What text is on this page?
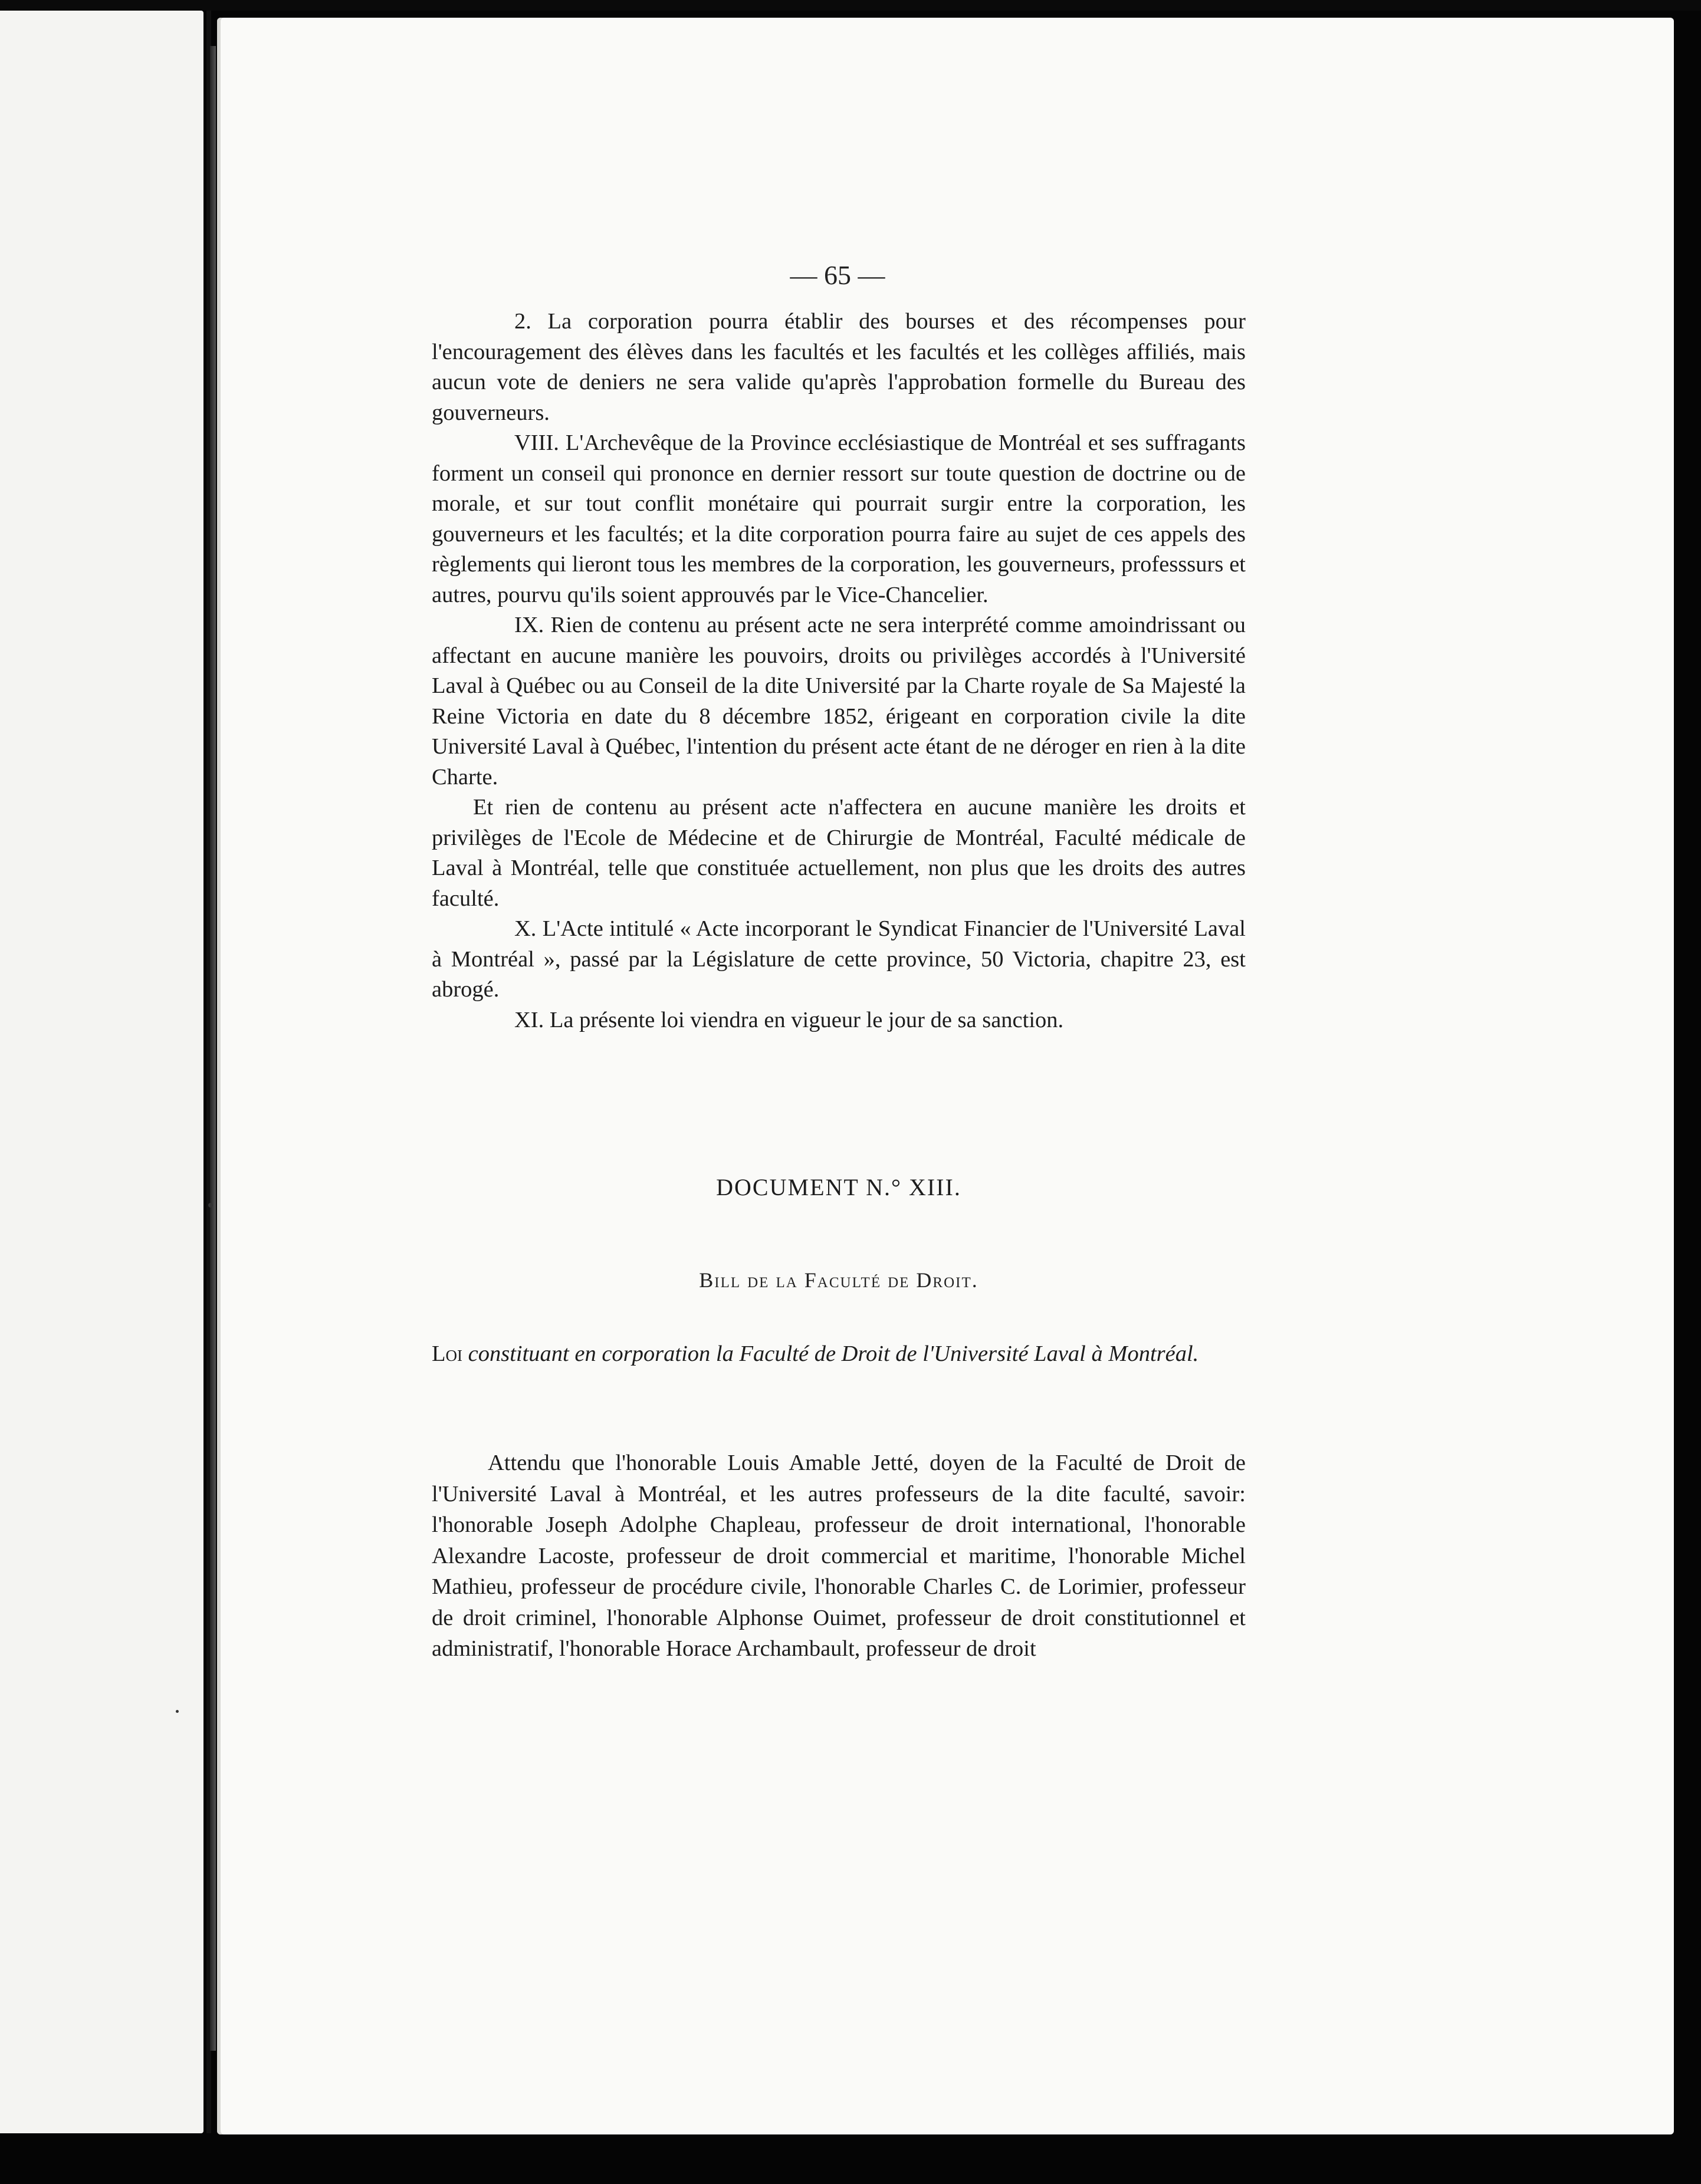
— 65 —

2. La corporation pourra établir des bourses et des récompenses pour l'encouragement des élèves dans les facultés et les facultés et les collèges affiliés, mais aucun vote de deniers ne sera valide qu'après l'approbation formelle du Bureau des gouverneurs.

VIII. L'Archevêque de la Province ecclésiastique de Montréal et ses suffragants forment un conseil qui prononce en dernier ressort sur toute question de doctrine ou de morale, et sur tout conflit monétaire qui pourrait surgir entre la corporation, les gouverneurs et les facultés; et la dite corporation pourra faire au sujet de ces appels des règlements qui lieront tous les membres de la corporation, les gouverneurs, professsurs et autres, pourvu qu'ils soient approuvés par le Vice-Chancelier.

IX. Rien de contenu au présent acte ne sera interprété comme amoindrissant ou affectant en aucune manière les pouvoirs, droits ou privilèges accordés à l'Université Laval à Québec ou au Conseil de la dite Université par la Charte royale de Sa Majesté la Reine Victoria en date du 8 décembre 1852, érigeant en corporation civile la dite Université Laval à Québec, l'intention du présent acte étant de ne déroger en rien à la dite Charte.

Et rien de contenu au présent acte n'affectera en aucune manière les droits et privilèges de l'Ecole de Médecine et de Chirurgie de Montréal, Faculté médicale de Laval à Montréal, telle que constituée actuellement, non plus que les droits des autres faculté.

X. L'Acte intitulé « Acte incorporant le Syndicat Financier de l'Université Laval à Montréal », passé par la Législature de cette province, 50 Victoria, chapitre 23, est abrogé.

XI. La présente loi viendra en vigueur le jour de sa sanction.

DOCUMENT N.° XIII.
Bill de la Faculté de Droit.
Loi constituant en corporation la Faculté de Droit de l'Université Laval à Montréal.

Attendu que l'honorable Louis Amable Jetté, doyen de la Faculté de Droit de l'Université Laval à Montréal, et les autres professeurs de la dite faculté, savoir: l'honorable Joseph Adolphe Chapleau, professeur de droit international, l'honorable Alexandre Lacoste, professeur de droit commercial et maritime, l'honorable Michel Mathieu, professeur de procédure civile, l'honorable Charles C. de Lorimier, professeur de droit criminel, l'honorable Alphonse Ouimet, professeur de droit constitutionnel et administratif, l'honorable Horace Archambault, professeur de droit
